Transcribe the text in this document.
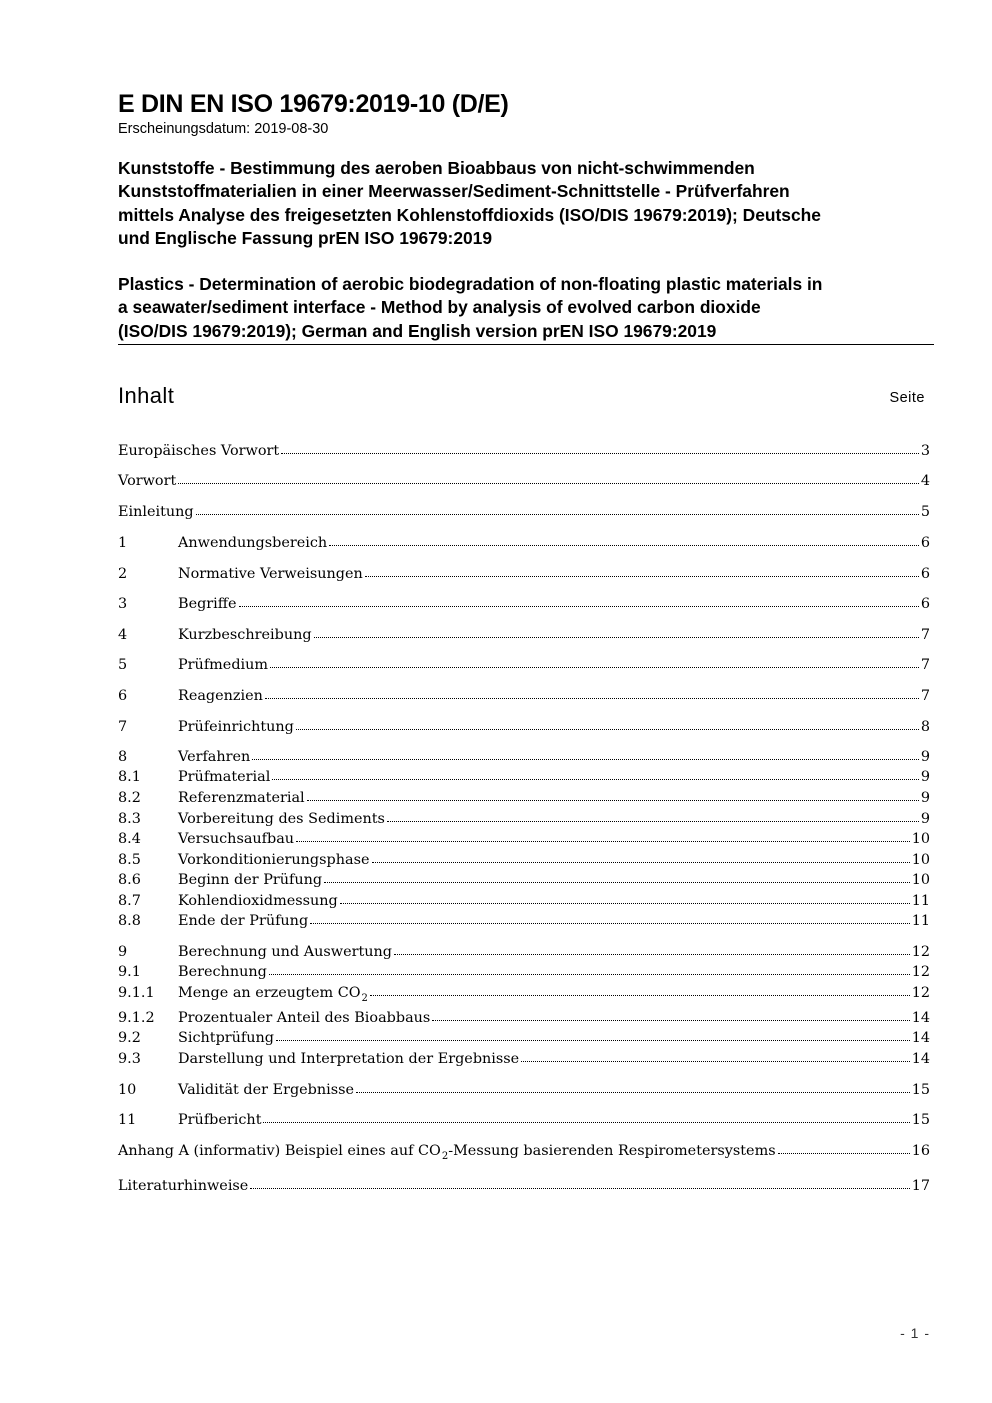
E DIN EN ISO 19679:2019-10 (D/E)
Erscheinungsdatum: 2019-08-30
Kunststoffe - Bestimmung des aeroben Bioabbaus von nicht-schwimmenden
Kunststoffmaterialien in einer Meerwasser/Sediment-Schnittstelle - Prüfverfahren
mittels Analyse des freigesetzten Kohlenstoffdioxids (ISO/DIS 19679:2019); Deutsche
und Englische Fassung prEN ISO 19679:2019
Plastics - Determination of aerobic biodegradation of non-floating plastic materials in
a seawater/sediment interface - Method by analysis of evolved carbon dioxide
(ISO/DIS 19679:2019); German and English version prEN ISO 19679:2019
Inhalt	Seite
Europäisches Vorwort	3
Vorwort	4
Einleitung	5
1	Anwendungsbereich	6
2	Normative Verweisungen	6
3	Begriffe	6
4	Kurzbeschreibung	7
5	Prüfmedium	7
6	Reagenzien	7
7	Prüfeinrichtung	8
8	Verfahren	9
8.1	Prüfmaterial	9
8.2	Referenzmaterial	9
8.3	Vorbereitung des Sediments	9
8.4	Versuchsaufbau	10
8.5	Vorkonditionierungsphase	10
8.6	Beginn der Prüfung	10
8.7	Kohlendioxidmessung	11
8.8	Ende der Prüfung	11
9	Berechnung und Auswertung	12
9.1	Berechnung	12
9.1.1	Menge an erzeugtem $CO_2$	12
9.1.2	Prozentualer Anteil des Bioabbaus	14
9.2	Sichtprüfung	14
9.3	Darstellung und Interpretation der Ergebnisse	14
10	Validität der Ergebnisse	15
11	Prüfbericht	15
Anhang A (informativ) Beispiel eines auf $CO_2$-Messung basierenden Respirometersystems	16
Literaturhinweise	17
- 1 -
